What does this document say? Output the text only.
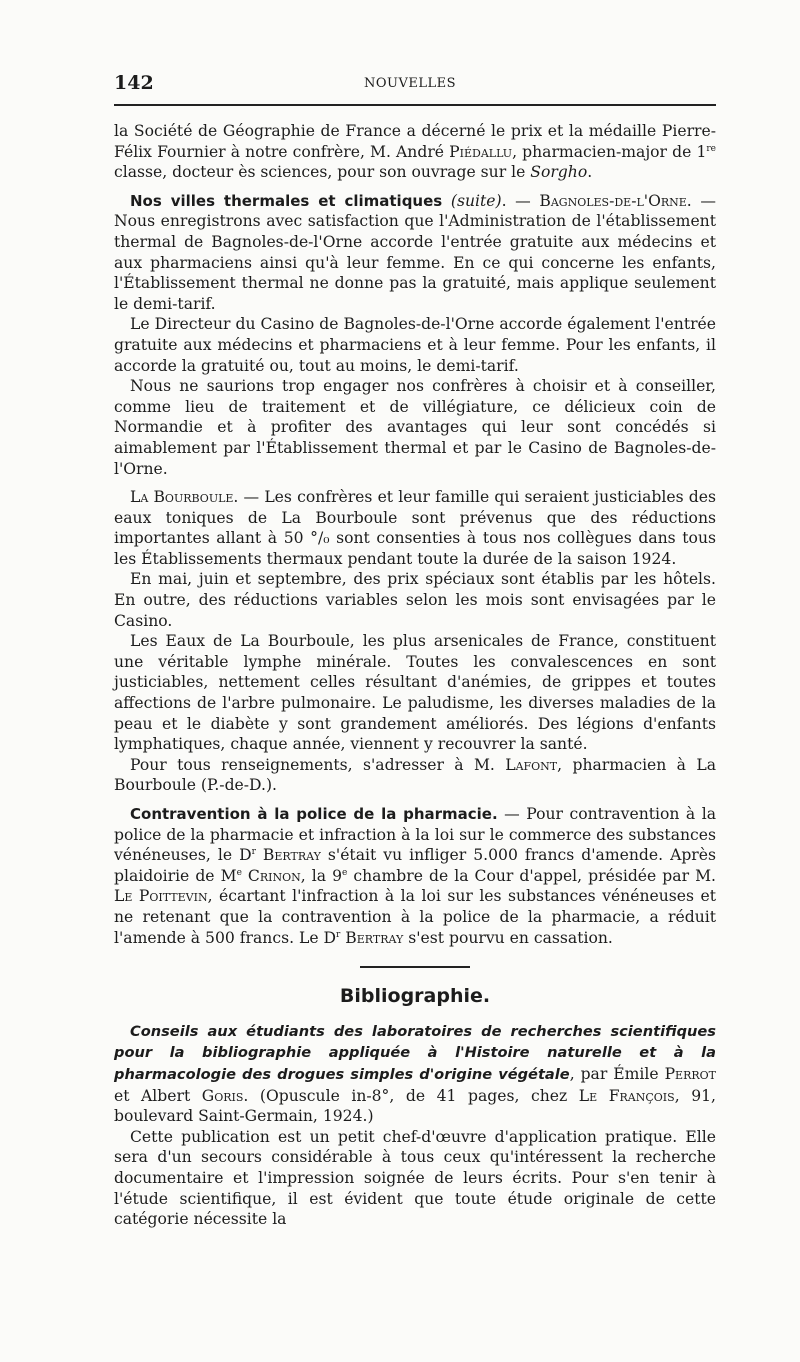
142	NOUVELLES

la Société de Géographie de France a décerné le prix et la médaille Pierre-Félix Fournier à notre confrère, M. André Piédallu, pharmacien-major de 1re classe, docteur ès sciences, pour son ouvrage sur le Sorgho.

Nos villes thermales et climatiques (suite). — Bagnoles-de-l'Orne. — Nous enregistrons avec satisfaction que l'Administration de l'établissement thermal de Bagnoles-de-l'Orne accorde l'entrée gratuite aux médecins et aux pharmaciens ainsi qu'à leur femme. En ce qui concerne les enfants, l'Établissement thermal ne donne pas la gratuité, mais applique seulement le demi-tarif.

Le Directeur du Casino de Bagnoles-de-l'Orne accorde également l'entrée gratuite aux médecins et pharmaciens et à leur femme. Pour les enfants, il accorde la gratuité ou, tout au moins, le demi-tarif.

Nous ne saurions trop engager nos confrères à choisir et à conseiller, comme lieu de traitement et de villégiature, ce délicieux coin de Normandie et à profiter des avantages qui leur sont concédés si aimablement par l'Établissement thermal et par le Casino de Bagnoles-de-l'Orne.

La Bourboule. — Les confrères et leur famille qui seraient justiciables des eaux toniques de La Bourboule sont prévenus que des réductions importantes allant à 50 °/₀ sont consenties à tous nos collègues dans tous les Établissements thermaux pendant toute la durée de la saison 1924.

En mai, juin et septembre, des prix spéciaux sont établis par les hôtels. En outre, des réductions variables selon les mois sont envisagées par le Casino.

Les Eaux de La Bourboule, les plus arsenicales de France, constituent une véritable lymphe minérale. Toutes les convalescences en sont justiciables, nettement celles résultant d'anémies, de grippes et toutes affections de l'arbre pulmonaire. Le paludisme, les diverses maladies de la peau et le diabète y sont grandement améliorés. Des légions d'enfants lymphatiques, chaque année, viennent y recouvrer la santé.

Pour tous renseignements, s'adresser à M. Lafont, pharmacien à La Bourboule (P.-de-D.).

Contravention à la police de la pharmacie. — Pour contravention à la police de la pharmacie et infraction à la loi sur le commerce des substances vénéneuses, le $D^r$ Bertray s'était vu infliger 5.000 francs d'amende. Après plaidoirie de Me Crinon, la 9e chambre de la Cour d'appel, présidée par M. Le Poittevin, écartant l'infraction à la loi sur les substances vénéneuses et ne retenant que la contravention à la police de la pharmacie, a réduit l'amende à 500 francs. Le $D^r$ Bertray s'est pourvu en cassation.

Bibliographie.

Conseils aux étudiants des laboratoires de recherches scientifiques pour la bibliographie appliquée à l'Histoire naturelle et à la pharmacologie des drogues simples d'origine végétale, par Émile Perrot et Albert Goris. (Opuscule in-8°, de 41 pages, chez Le François, 91, boulevard Saint-Germain, 1924.)

Cette publication est un petit chef-d'œuvre d'application pratique. Elle sera d'un secours considérable à tous ceux qu'intéressent la recherche documentaire et l'impression soignée de leurs écrits. Pour s'en tenir à l'étude scientifique, il est évident que toute étude originale de cette catégorie nécessite la
